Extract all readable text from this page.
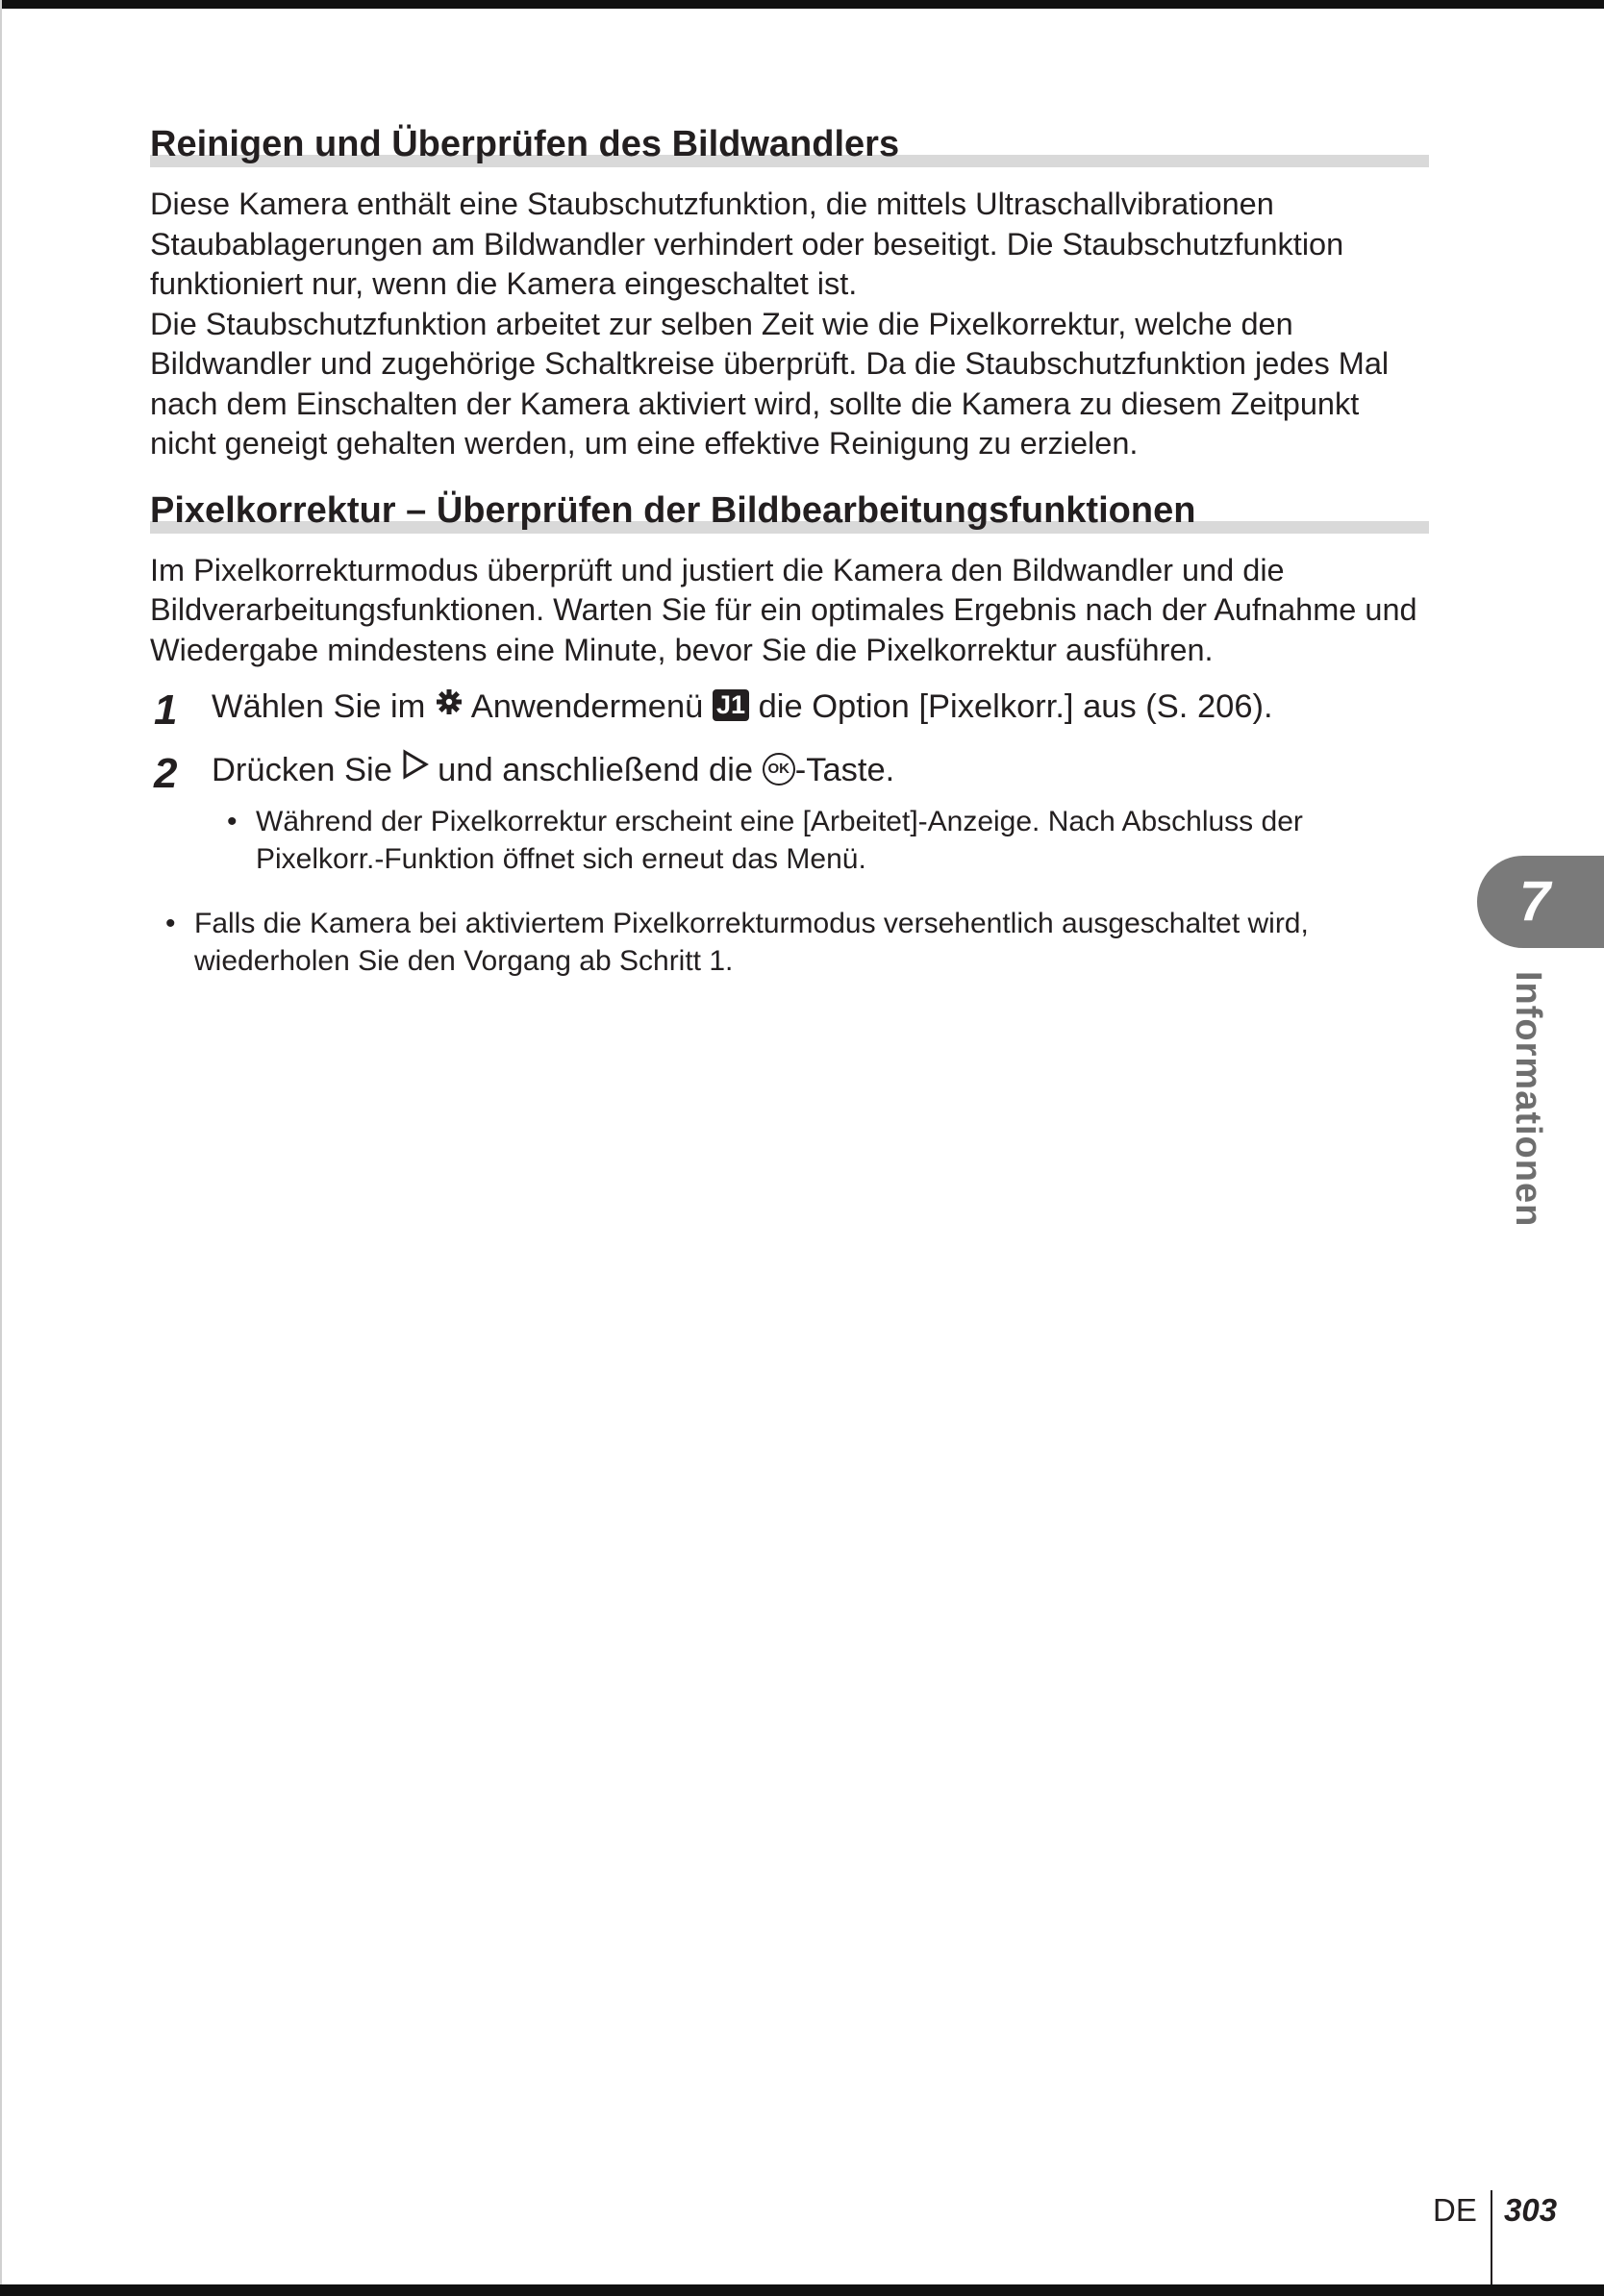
Reinigen und Überprüfen des Bildwandlers

Diese Kamera enthält eine Staubschutzfunktion, die mittels Ultraschallvibrationen Staubablagerungen am Bildwandler verhindert oder beseitigt. Die Staubschutzfunktion funktioniert nur, wenn die Kamera eingeschaltet ist.

Die Staubschutzfunktion arbeitet zur selben Zeit wie die Pixelkorrektur, welche den Bildwandler und zugehörige Schaltkreise überprüft. Da die Staubschutzfunktion jedes Mal nach dem Einschalten der Kamera aktiviert wird, sollte die Kamera zu diesem Zeitpunkt nicht geneigt gehalten werden, um eine effektive Reinigung zu erzielen.

Pixelkorrektur – Überprüfen der Bildbearbeitungsfunktionen

Im Pixelkorrekturmodus überprüft und justiert die Kamera den Bildwandler und die Bildverarbeitungsfunktionen. Warten Sie für ein optimales Ergebnis nach der Aufnahme und Wiedergabe mindestens eine Minute, bevor Sie die Pixelkorrektur ausführen.

1 Wählen Sie im Anwendermenü J1 die Option [Pixelkorr.] aus (S. 206).
2 Drücken Sie und anschließend die OK -Taste.
• Während der Pixelkorrektur erscheint eine [Arbeitet]-Anzeige. Nach Abschluss der Pixelkorr.-Funktion öffnet sich erneut das Menü.
• Falls die Kamera bei aktiviertem Pixelkorrekturmodus versehentlich ausgeschaltet wird, wiederholen Sie den Vorgang ab Schritt 1.
7
Informationen
DE 303
